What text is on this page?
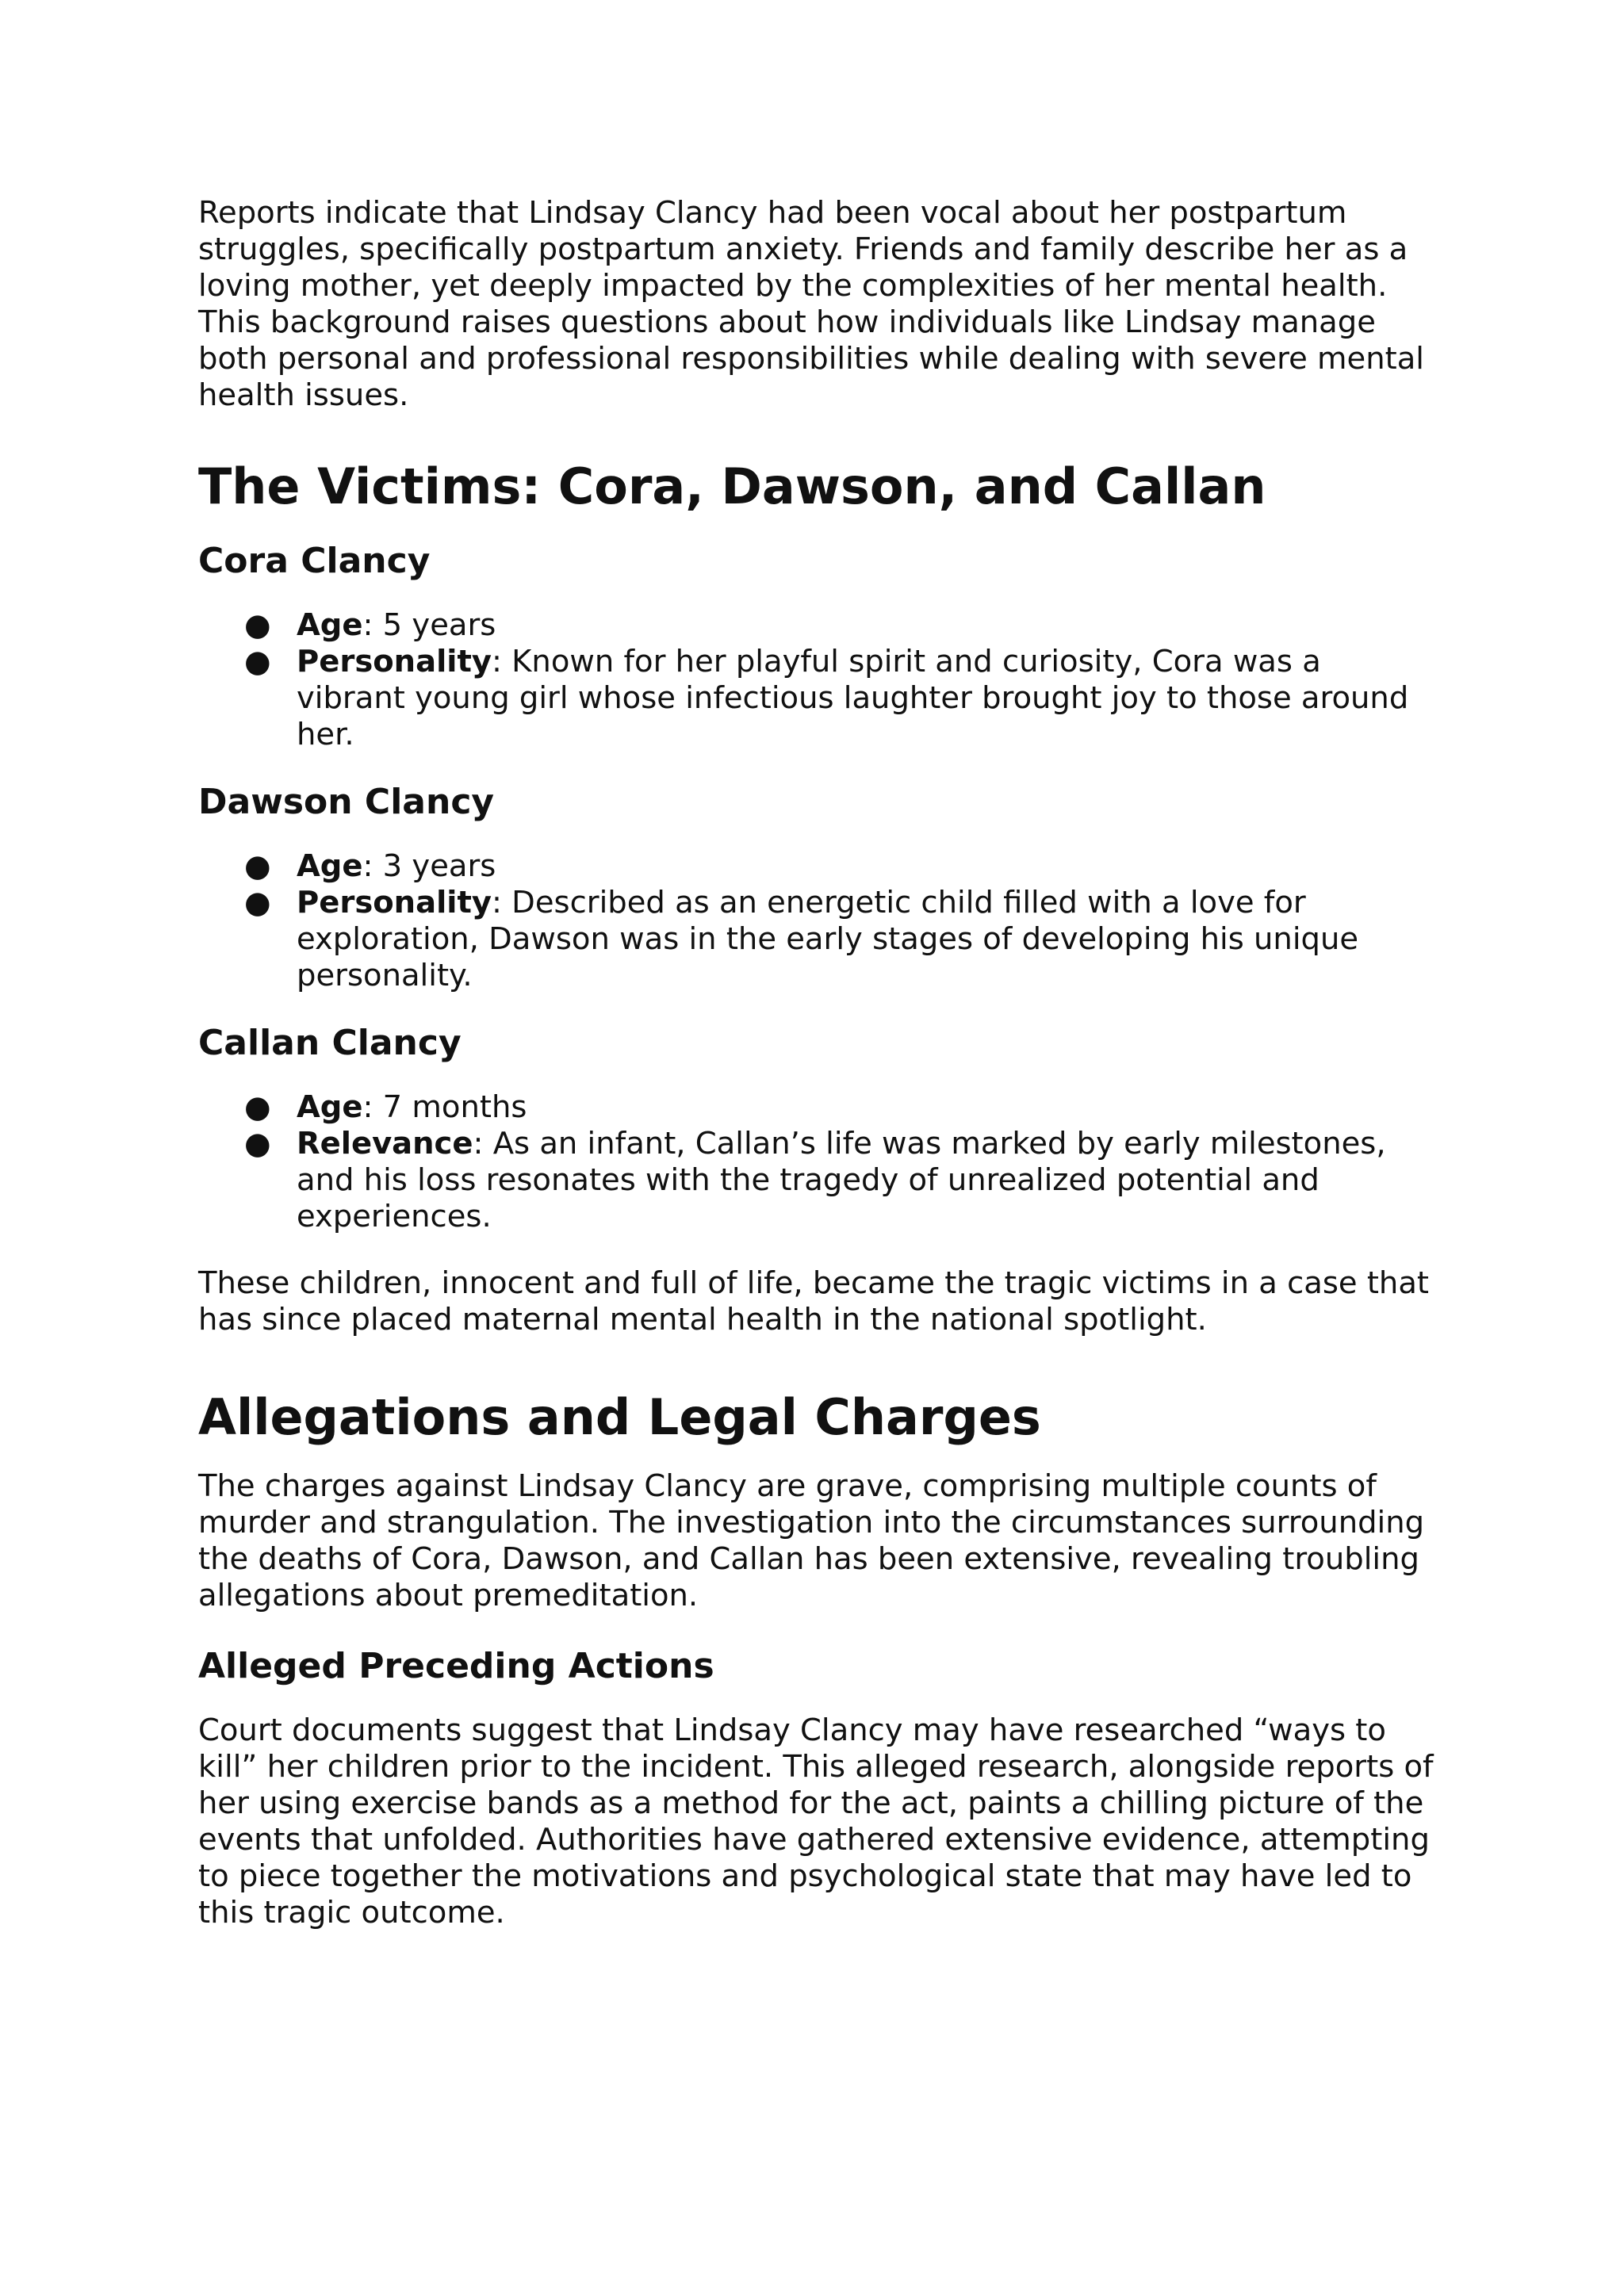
Reports indicate that Lindsay Clancy had been vocal about her postpartum
struggles, specifically postpartum anxiety. Friends and family describe her as a
loving mother, yet deeply impacted by the complexities of her mental health.
This background raises questions about how individuals like Lindsay manage
both personal and professional responsibilities while dealing with severe mental
health issues.

The Victims: Cora, Dawson, and Callan
Cora Clancy
● Age: 5 years
● Personality: Known for her playful spirit and curiosity, Cora was a
vibrant young girl whose infectious laughter brought joy to those around
her.
Dawson Clancy
● Age: 3 years
● Personality: Described as an energetic child filled with a love for
exploration, Dawson was in the early stages of developing his unique
personality.
Callan Clancy
● Age: 7 months
● Relevance: As an infant, Callan’s life was marked by early milestones,
and his loss resonates with the tragedy of unrealized potential and
experiences.

These children, innocent and full of life, became the tragic victims in a case that
has since placed maternal mental health in the national spotlight.

Allegations and Legal Charges

The charges against Lindsay Clancy are grave, comprising multiple counts of
murder and strangulation. The investigation into the circumstances surrounding
the deaths of Cora, Dawson, and Callan has been extensive, revealing troubling
allegations about premeditation.

Alleged Preceding Actions

Court documents suggest that Lindsay Clancy may have researched “ways to
kill” her children prior to the incident. This alleged research, alongside reports of
her using exercise bands as a method for the act, paints a chilling picture of the
events that unfolded. Authorities have gathered extensive evidence, attempting
to piece together the motivations and psychological state that may have led to
this tragic outcome.
